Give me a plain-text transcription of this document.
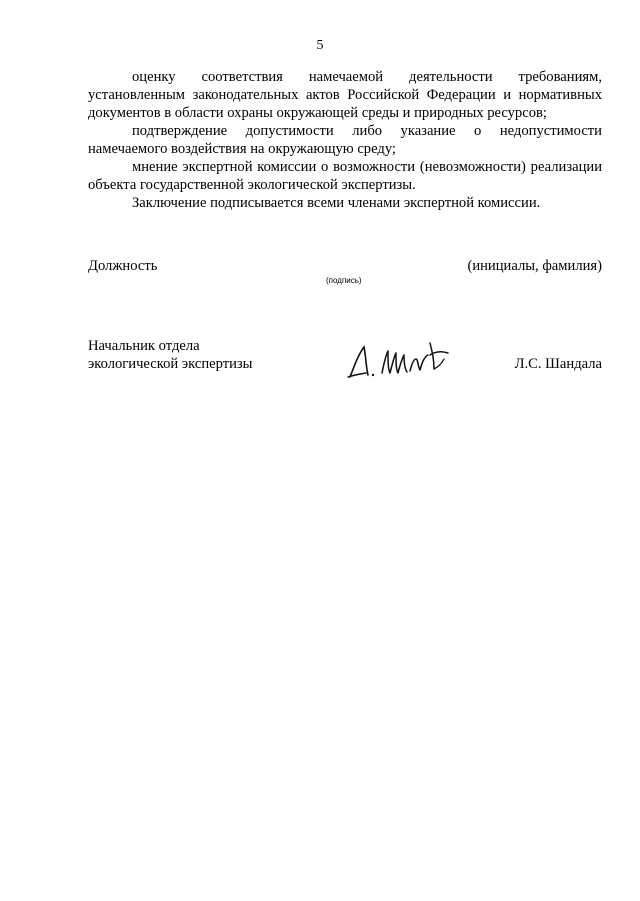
5

оценку соответствия намечаемой деятельности требованиям, установленным законодательных актов Российской Федерации и нормативных документов в области охраны окружающей среды и природных ресурсов;

подтверждение допустимости либо указание о недопустимости намечаемого воздействия на окружающую среду;

мнение экспертной комиссии о возможности (невозможности) реализации объекта государственной экологической экспертизы.

Заключение подписывается всеми членами экспертной комиссии.

Должность
(подпись)
(инициалы, фамилия)
Начальник отдела
экологической экспертизы	Л.С. Шандала
